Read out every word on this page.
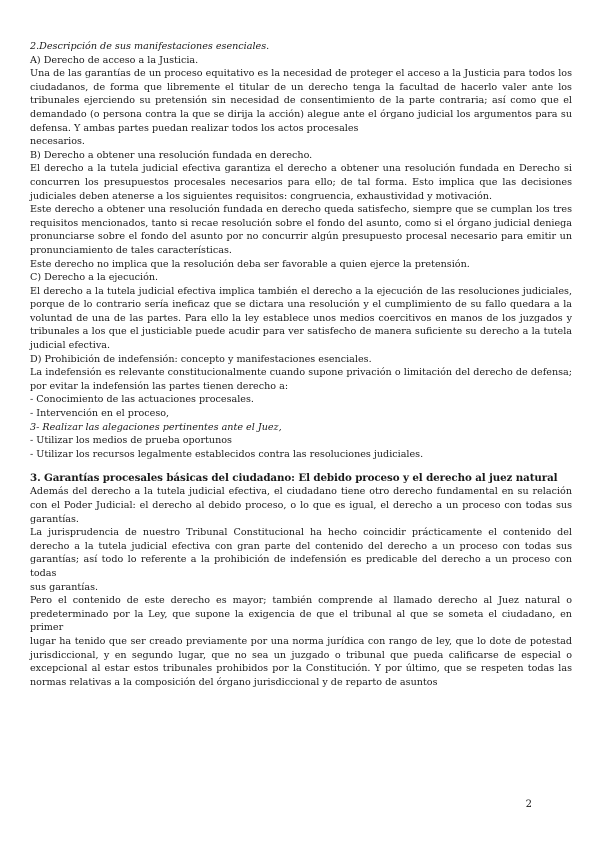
2.Descripción de sus manifestaciones esenciales.
A) Derecho de acceso a la Justicia.
Una de las garantías de un proceso equitativo es la necesidad de proteger el acceso a la Justicia para todos los
ciudadanos, de forma que libremente el titular de un derecho tenga la facultad de hacerlo valer ante los
tribunales ejerciendo su pretensión sin necesidad de consentimiento de la parte contraria; así como que el
demandado (o persona contra la que se dirija la acción) alegue ante el órgano judicial los argumentos para su
defensa. Y ambas partes puedan realizar todos los actos procesales
necesarios.
B) Derecho a obtener una resolución fundada en derecho.
El derecho a la tutela judicial efectiva garantiza el derecho a obtener una resolución fundada en Derecho si
concurren los presupuestos procesales necesarios para ello; de tal forma. Esto implica que las decisiones
judiciales deben atenerse a los siguientes requisitos: congruencia, exhaustividad y motivación.
Este derecho a obtener una resolución fundada en derecho queda satisfecho, siempre que se cumplan los tres
requisitos mencionados, tanto si recae resolución sobre el fondo del asunto, como si el órgano judicial deniega
pronunciarse sobre el fondo del asunto por no concurrir algún presupuesto procesal necesario para emitir un
pronunciamiento de tales características.
Este derecho no implica que la resolución deba ser favorable a quien ejerce la pretensión.
C) Derecho a la ejecución.
El derecho a la tutela judicial efectiva implica también el derecho a la ejecución de las resoluciones judiciales,
porque de lo contrario sería ineficaz que se dictara una resolución y el cumplimiento de su fallo quedara a la
voluntad de una de las partes. Para ello la ley establece unos medios coercitivos en manos de los juzgados y
tribunales a los que el justiciable puede acudir para ver satisfecho de manera suficiente su derecho a la tutela
judicial efectiva.
D) Prohibición de indefensión: concepto y manifestaciones esenciales.
La indefensión es relevante constitucionalmente cuando supone privación o limitación del derecho de defensa;
por evitar la indefensión las partes tienen derecho a:
- Conocimiento de las actuaciones procesales.
- Intervención en el proceso,
3- Realizar las alegaciones pertinentes ante el Juez,
- Utilizar los medios de prueba oportunos
- Utilizar los recursos legalmente establecidos contra las resoluciones judiciales.
3. Garantías procesales básicas del ciudadano: El debido proceso y el derecho al juez natural
Además del derecho a la tutela judicial efectiva, el ciudadano tiene otro derecho fundamental en su relación
con el Poder Judicial: el derecho al debido proceso, o lo que es igual, el derecho a un proceso con todas sus
garantías.
La jurisprudencia de nuestro Tribunal Constitucional ha hecho coincidir prácticamente el contenido del
derecho a la tutela judicial efectiva con gran parte del contenido del derecho a un proceso con todas sus
garantías; así todo lo referente a la prohibición de indefensión es predicable del derecho a un proceso con todas
sus garantías.
Pero el contenido de este derecho es mayor; también comprende al llamado derecho al Juez natural o
predeterminado por la Ley, que supone la exigencia de que el tribunal al que se someta el ciudadano, en primer
lugar ha tenido que ser creado previamente por una norma jurídica con rango de ley, que lo dote de potestad
jurisdiccional, y en segundo lugar, que no sea un juzgado o tribunal que pueda calificarse de especial o
excepcional al estar estos tribunales prohibidos por la Constitución. Y por último, que se respeten todas las
normas relativas a la composición del órgano jurisdiccional y de reparto de asuntos
2
